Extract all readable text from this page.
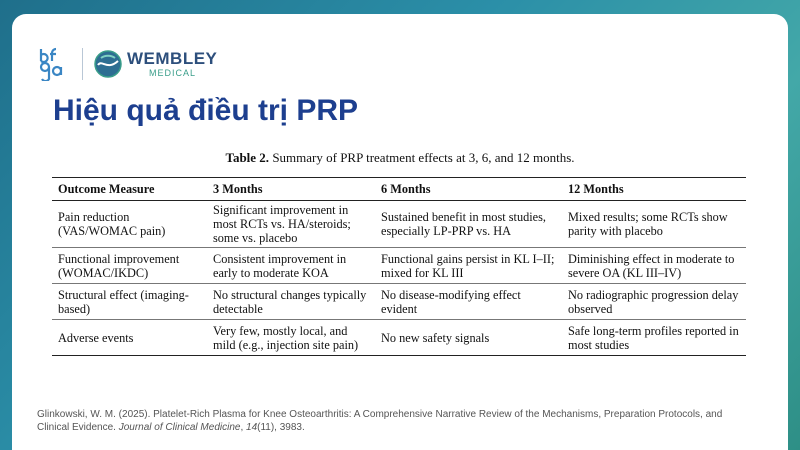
WEMBLEY
MEDICAL
Hiệu quả điều trị PRP
Table 2. Summary of PRP treatment effects at 3, 6, and 12 months.
Outcome Measure	3 Months	6 Months	12 Months
Pain reduction (VAS/WOMAC pain)	Significant improvement in most RCTs vs. HA/steroids; some vs. placebo	Sustained benefit in most studies, especially LP-PRP vs. HA	Mixed results; some RCTs show parity with placebo
Functional improvement (WOMAC/IKDC)	Consistent improvement in early to moderate KOA	Functional gains persist in KL I–II; mixed for KL III	Diminishing effect in moderate to severe OA (KL III–IV)
Structural effect (imaging-based)	No structural changes typically detectable	No disease-modifying effect evident	No radiographic progression delay observed
Adverse events	Very few, mostly local, and mild (e.g., injection site pain)	No new safety signals	Safe long-term profiles reported in most studies
Glinkowski, W. M. (2025). Platelet-Rich Plasma for Knee Osteoarthritis: A Comprehensive Narrative Review of the Mechanisms, Preparation Protocols, and Clinical Evidence. Journal of Clinical Medicine, 14(11), 3983.
